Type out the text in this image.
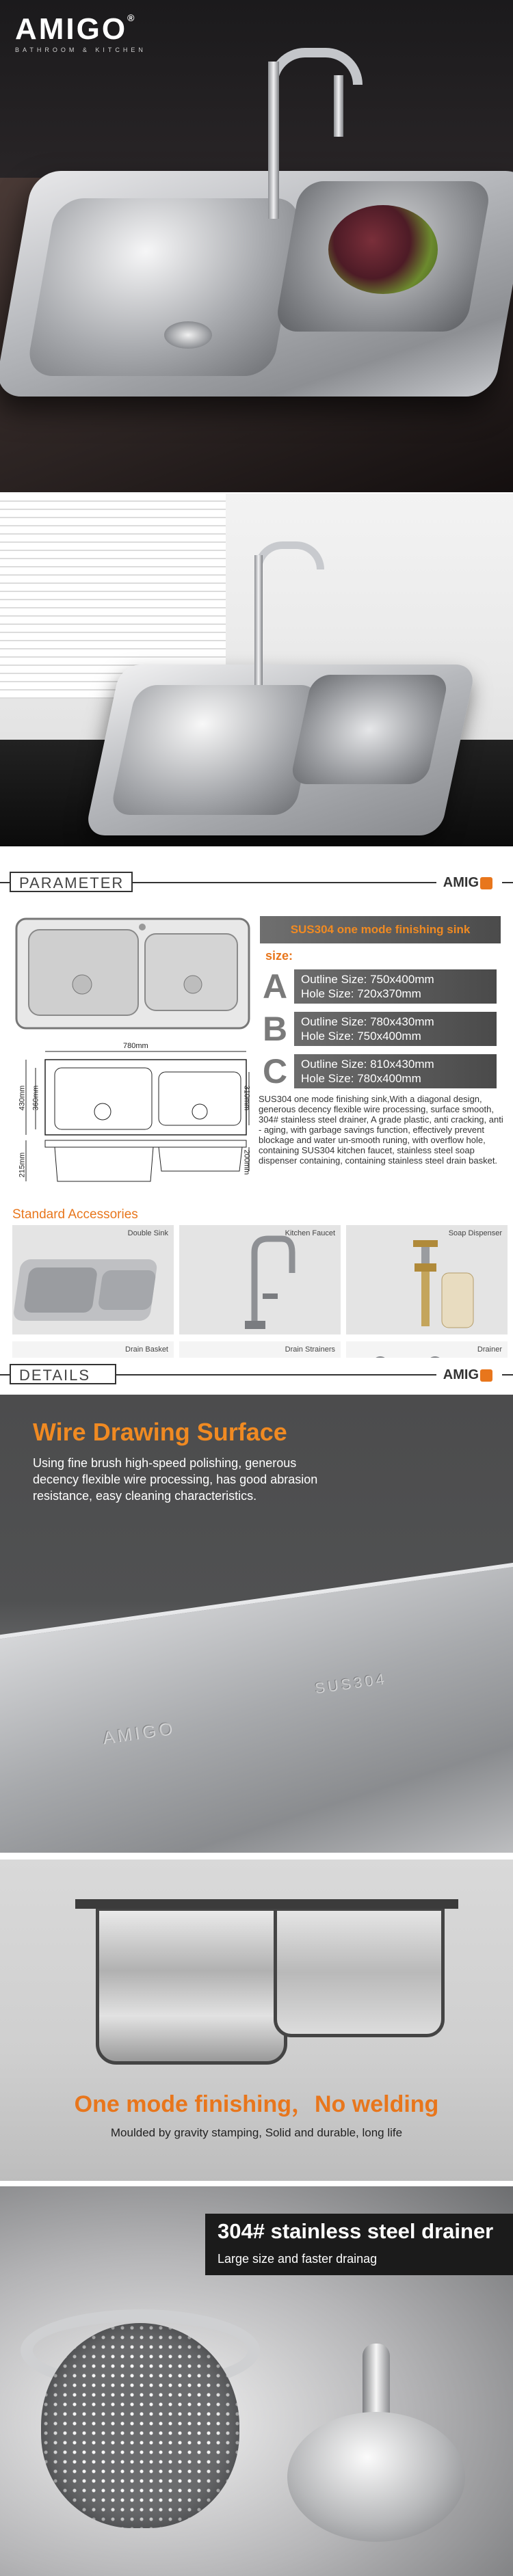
AMIGO®
BATHROOM & KITCHEN
PARAMETER	AMIG
780mm
430mm 360mm	310mm
215mm	200mm
SUS304 one mode finishing sink
size:
A Outline Size: 750x400mm
Hole Size: 720x370mm
B Outline Size: 780x430mm
Hole Size: 750x400mm
C Outline Size: 810x430mm
Hole Size: 780x400mm
SUS304 one mode finishing sink,With a diagonal design, generous decency flexible wire processing, surface smooth, 304# stainless steel drainer, A grade plastic, anti cracking, anti - aging, with garbage savings function, effectively prevent blockage and water un-smooth runing, with overflow hole, containing SUS304 kitchen faucet, stainless steel soap dispenser containing, containing stainless steel drain basket.
Standard Accessories
Double Sink	Kitchen Faucet	Soap Dispenser
Drain Basket	Drain Strainers	Drainer
DETAILS	AMIG
AMIGO
SUS304
Wire Drawing Surface
Using fine brush high-speed polishing, generous decency flexible wire processing, has good abrasion resistance, easy cleaning characteristics.
One mode finishing，No welding
Moulded by gravity stamping, Solid and durable, long life
304# stainless steel drainer
Large size and faster drainag
